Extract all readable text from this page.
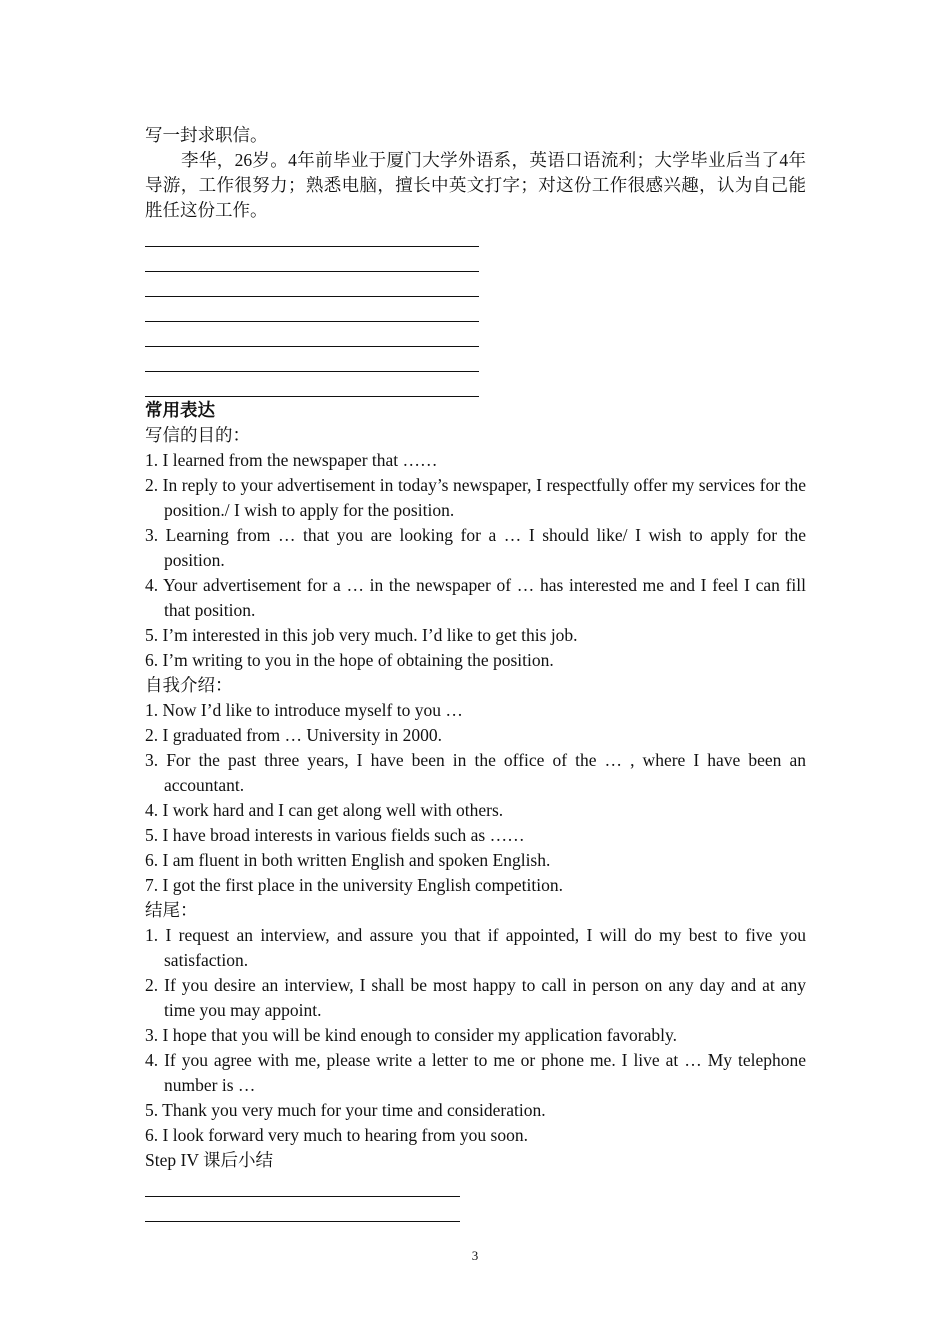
写一封求职信。
李华，26岁。4年前毕业于厦门大学外语系，英语口语流利；大学毕业后当了4年导游，工作很努力；熟悉电脑，擅长中英文打字；对这份工作很感兴趣，认为自己能胜任这份工作。
常用表达
写信的目的：
1. I learned from the newspaper that ……
2. In reply to your advertisement in today’s newspaper, I respectfully offer my services for the position./ I wish to apply for the position.
3. Learning from … that you are looking for a … I should like/ I wish to apply for the position.
4. Your advertisement for a … in the newspaper of … has interested me and I feel I can fill that position.
5. I’m interested in this job very much. I’d like to get this job.
6. I’m writing to you in the hope of obtaining the position.
自我介绍：
1. Now I’d like to introduce myself to you …
2. I graduated from … University in 2000.
3. For the past three years, I have been in the office of the … , where I have been an accountant.
4. I work hard and I can get along well with others.
5. I have broad interests in various fields such as ……
6. I am fluent in both written English and spoken English.
7. I got the first place in the university English competition.
结尾：
1. I request an interview, and assure you that if appointed, I will do my best to five you satisfaction.
2. If you desire an interview, I shall be most happy to call in person on any day and at any time you may appoint.
3. I hope that you will be kind enough to consider my application favorably.
4. If you agree with me, please write a letter to me or phone me. I live at … My telephone number is …
5. Thank you very much for your time and consideration.
6. I look forward very much to hearing from you soon.
Step IV 课后小结
3
